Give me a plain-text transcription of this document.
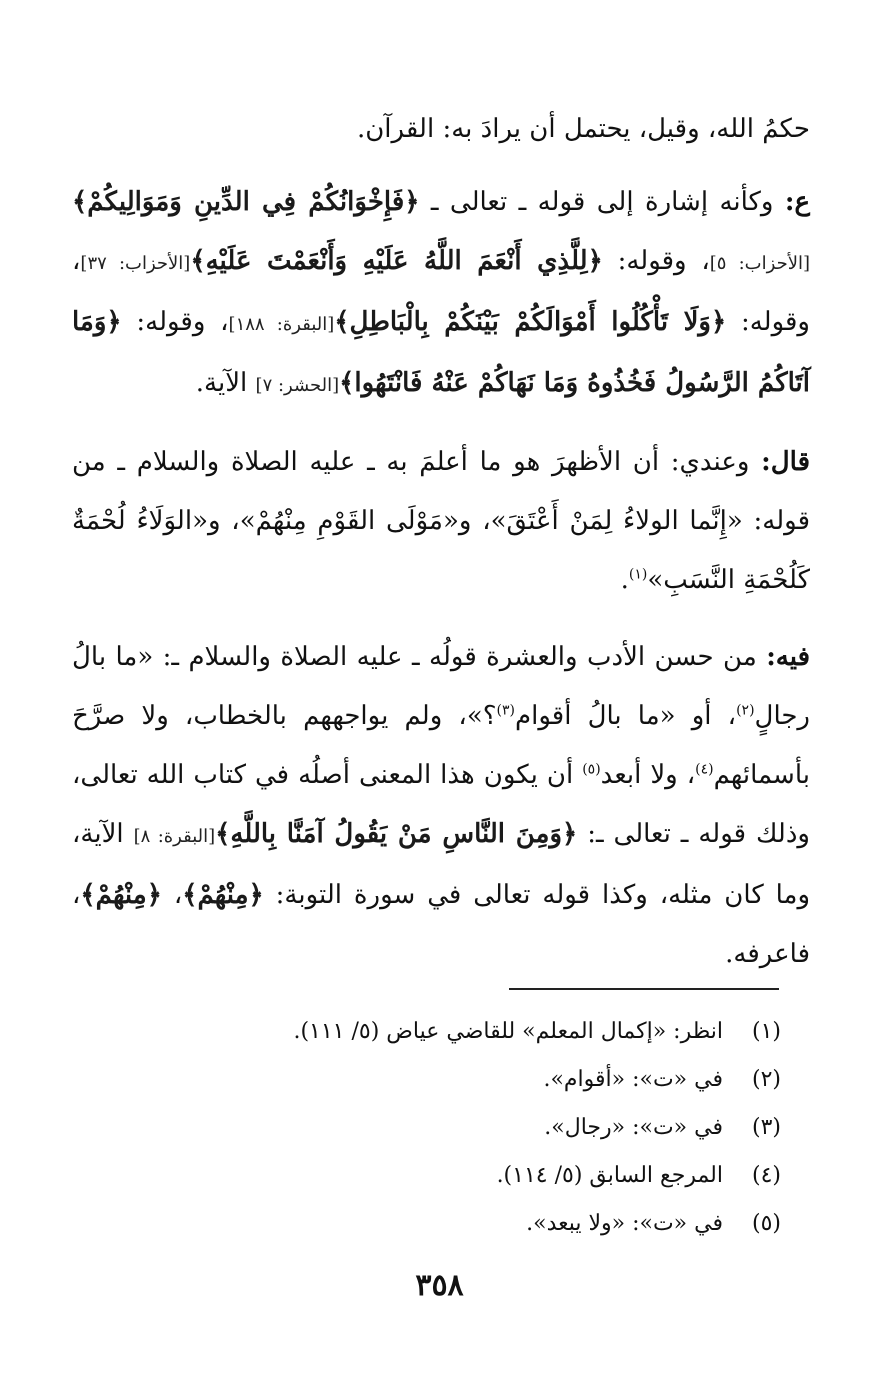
حكمُ الله، وقيل، يحتمل أن يرادَ به: القرآن.

ع: وكأنه إشارة إلى قوله ـ تعالى ـ ﴿فَإِخْوَانُكُمْ فِي الدِّينِ وَمَوَالِيكُمْ﴾[الأحزاب: ٥]، وقوله: ﴿لِلَّذِي أَنْعَمَ اللَّهُ عَلَيْهِ وَأَنْعَمْتَ عَلَيْهِ﴾[الأحزاب: ٣٧]، وقوله: ﴿وَلَا تَأْكُلُوا أَمْوَالَكُمْ بَيْنَكُمْ بِالْبَاطِلِ﴾[البقرة: ١٨٨]، وقوله: ﴿وَمَا آتَاكُمُ الرَّسُولُ فَخُذُوهُ وَمَا نَهَاكُمْ عَنْهُ فَانْتَهُوا﴾[الحشر: ٧] الآية.

قال: وعندي: أن الأظهرَ هو ما أعلمَ به ـ عليه الصلاة والسلام ـ من قوله: «إِنَّما الولاءُ لِمَنْ أَعْتَقَ»، و«مَوْلَى القَوْمِ مِنْهُمْ»، و«الوَلَاءُ لُحْمَةٌ كَلُحْمَةِ النَّسَبِ»$^{(١)}$.

فيه: من حسن الأدب والعشرة قولُه ـ عليه الصلاة والسلام ـ: «ما بالُ رجالٍ$^{(٢)}$، أو «ما بالُ أقوام$^{(٣)}$؟»، ولم يواجههم بالخطاب، ولا صرَّحَ بأسمائهم$^{(٤)}$، ولا أبعد$^{(٥)}$ أن يكون هذا المعنى أصلُه في كتاب الله تعالى، وذلك قوله ـ تعالى ـ: ﴿وَمِنَ النَّاسِ مَنْ يَقُولُ آمَنَّا بِاللَّهِ﴾[البقرة: ٨] الآية، وما كان مثله، وكذا قوله تعالى في سورة التوبة: ﴿مِنْهُمْ﴾، ﴿مِنْهُمْ﴾، فاعرفه.

(١)
انظر: «إكمال المعلم» للقاضي عياض (٥/ ١١١).
(٢)
في «ت»: «أقوام».
(٣)
في «ت»: «رجال».
(٤)
المرجع السابق (٥/ ١١٤).
(٥)
في «ت»: «ولا يبعد».
٣٥٨
